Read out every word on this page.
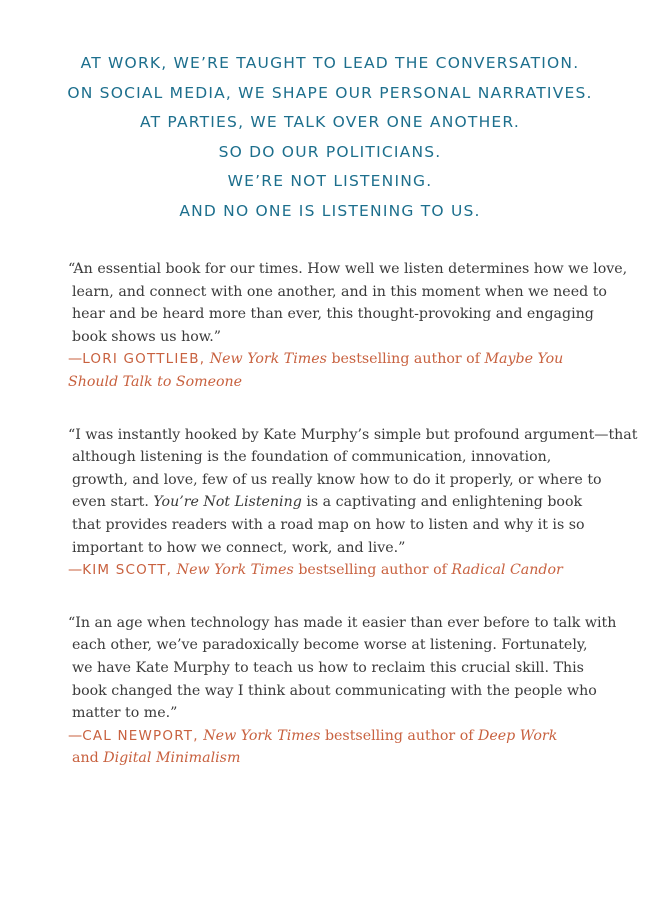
AT WORK, WE’RE TAUGHT TO LEAD THE CONVERSATION.
ON SOCIAL MEDIA, WE SHAPE OUR PERSONAL NARRATIVES.
AT PARTIES, WE TALK OVER ONE ANOTHER.
SO DO OUR POLITICIANS.
WE’RE NOT LISTENING.
AND NO ONE IS LISTENING TO US.

“An essential book for our times. How well we listen determines how we love,
learn, and connect with one another, and in this moment when we need to hear and be heard more than ever, this thought-provoking and engaging book shows us how.”

—LORI GOTTLIEB, New York Times bestselling author of Maybe You Should Talk to Someone

“I was instantly hooked by Kate Murphy’s simple but profound argument—that
although listening is the foundation of communication, innovation, growth, and love, few of us really know how to do it properly, or where to even start. You’re Not Listening is a captivating and enlightening book that provides readers with a road map on how to listen and why it is so important to how we connect, work, and live.”

—KIM SCOTT, New York Times bestselling author of Radical Candor

“In an age when technology has made it easier than ever before to talk with
each other, we’ve paradoxically become worse at listening. Fortunately, we have Kate Murphy to teach us how to reclaim this crucial skill. This book changed the way I think about communicating with the people who matter to me.”

—CAL NEWPORT, New York Times bestselling author of Deep Work
and Digital Minimalism
